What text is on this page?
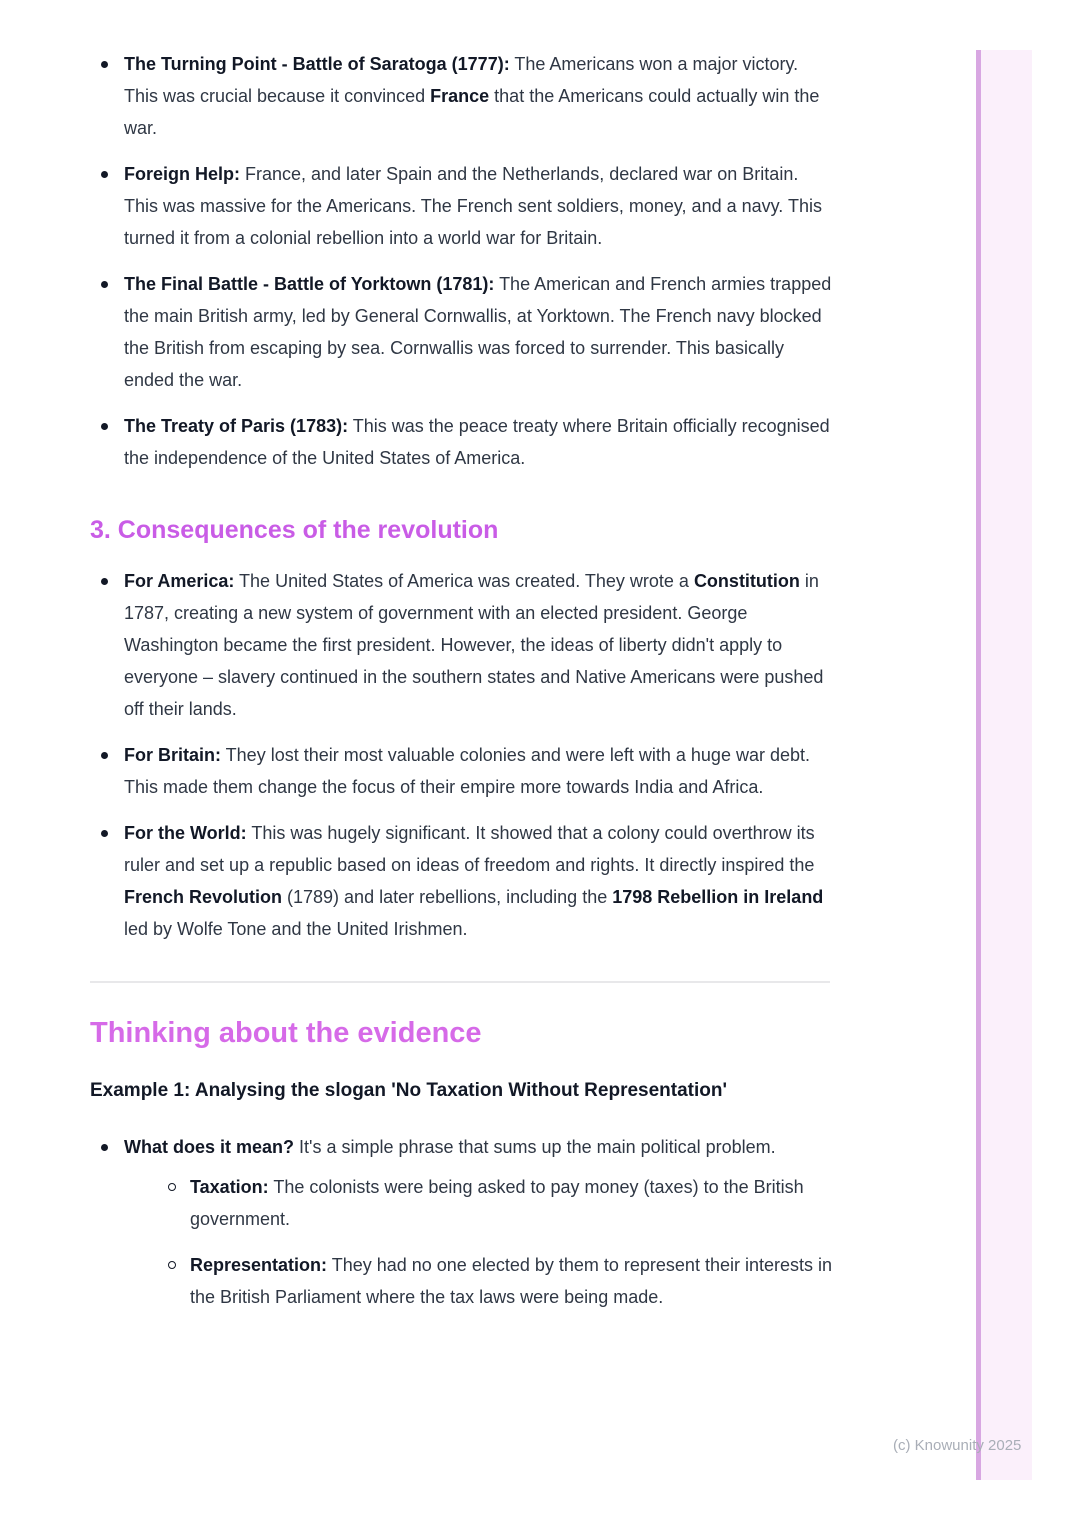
The Turning Point - Battle of Saratoga (1777): The Americans won a major victory. This was crucial because it convinced France that the Americans could actually win the war.
Foreign Help: France, and later Spain and the Netherlands, declared war on Britain. This was massive for the Americans. The French sent soldiers, money, and a navy. This turned it from a colonial rebellion into a world war for Britain.
The Final Battle - Battle of Yorktown (1781): The American and French armies trapped the main British army, led by General Cornwallis, at Yorktown. The French navy blocked the British from escaping by sea. Cornwallis was forced to surrender. This basically ended the war.
The Treaty of Paris (1783): This was the peace treaty where Britain officially recognised the independence of the United States of America.
3. Consequences of the revolution
For America: The United States of America was created. They wrote a Constitution in 1787, creating a new system of government with an elected president. George Washington became the first president. However, the ideas of liberty didn't apply to everyone – slavery continued in the southern states and Native Americans were pushed off their lands.
For Britain: They lost their most valuable colonies and were left with a huge war debt. This made them change the focus of their empire more towards India and Africa.
For the World: This was hugely significant. It showed that a colony could overthrow its ruler and set up a republic based on ideas of freedom and rights. It directly inspired the French Revolution (1789) and later rebellions, including the 1798 Rebellion in Ireland led by Wolfe Tone and the United Irishmen.
Thinking about the evidence

Example 1: Analysing the slogan 'No Taxation Without Representation'

What does it mean? It's a simple phrase that sums up the main political problem.
Taxation: The colonists were being asked to pay money (taxes) to the British government.
Representation: They had no one elected by them to represent their interests in the British Parliament where the tax laws were being made.
(c) Knowunity 2025
